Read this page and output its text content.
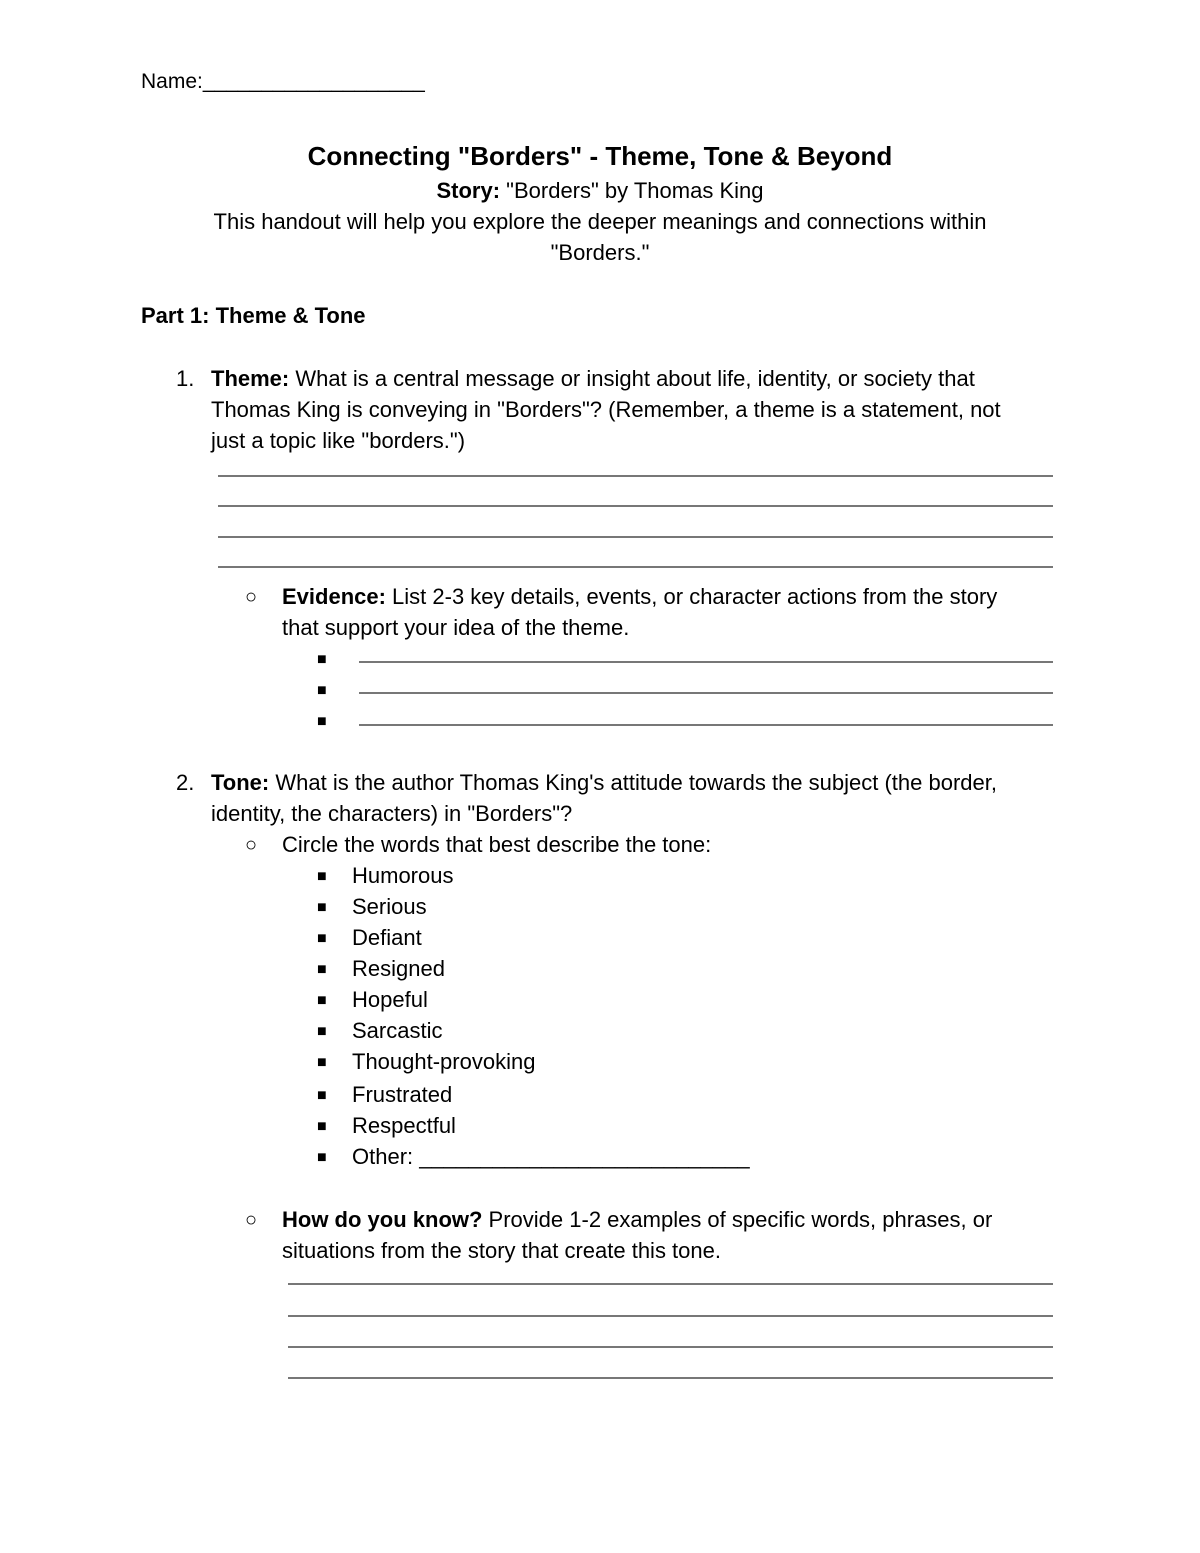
Name:___________________

Connecting "Borders" - Theme, Tone & Beyond

Story: "Borders" by Thomas King

This handout will help you explore the deeper meanings and connections within

"Borders."

Part 1: Theme & Tone

1. Theme: What is a central message or insight about life, identity, or society that

Thomas King is conveying in "Borders"? (Remember, a theme is a statement, not

just a topic like "borders.")

○ Evidence: List 2-3 key details, events, or character actions from the story

that support your idea of the theme.

■

■

■

2. Tone: What is the author Thomas King's attitude towards the subject (the border,

identity, the characters) in "Borders"?

○ Circle the words that best describe the tone:

■ Humorous

■ Serious

■ Defiant

■ Resigned

■ Hopeful

■ Sarcastic

■ Thought-provoking

■ Frustrated

■ Respectful

■ Other: ___________________________

○ How do you know? Provide 1-2 examples of specific words, phrases, or

situations from the story that create this tone.
